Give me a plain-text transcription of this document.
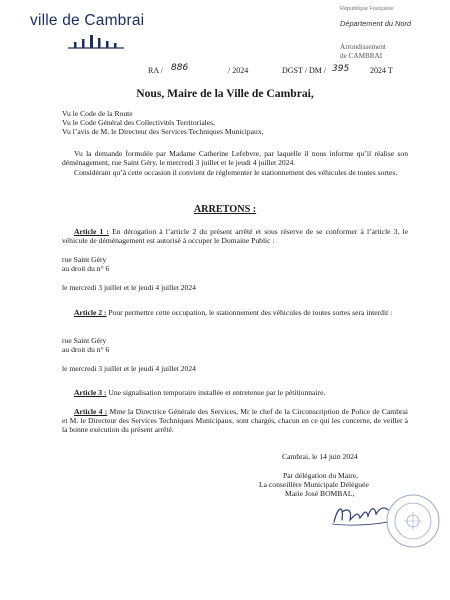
ville de Cambrai
République Française
Département du Nord
Arrondissement
de CAMBRAI
RA / 886	/ 2024	DGST / DM / 395	2024 T
Nous, Maire de la Ville de Cambrai,
Vu le Code de la Route
Vu le Code Général des Collectivités Territoriales,
Vu l’avis de M. le Directeur des Services Techniques Municipaux,
Vu la demande formulée par Madame Catherine Lefebvre, par laquelle il nous informe qu’il réalise son déménagement, rue Saint Géry, le mercredi 3 juillet et le jeudi 4 juillet 2024.
Considérant qu’à cette occasion il convient de réglementer le stationnement des véhicules de toutes sortes.
ARRETONS :
Article 1 : En dérogation à l’article 2 du présent arrêté et sous réserve de se conformer à l’article 3, le véhicule de déménagement est autorisé à occuper le Domaine Public :
rue Saint Géry
au droit du n° 6
le mercredi 3 juillet et le jeudi 4 juillet 2024
Article 2 : Pour permettre cette occupation, le stationnement des véhicules de toutes sortes sera interdit :
rue Saint Géry
au droit du n° 6
le mercredi 3 juillet et le jeudi 4 juillet 2024
Article 3 : Une signalisation temporaire installée et entretenue par le pétitionnaire.
Article 4 : Mme la Directrice Générale des Services, Mr le chef de la Circonscription de Police de Cambrai et M. le Directeur des Services Techniques Municipaux, sont chargés, chacun en ce qui les concerne, de veiller à la bonne exécution du présent arrêté.
Cambrai, le 14 juin 2024
Par délégation du Maire,
La conseillère Municipale Déléguée
Marie José BOMBAL,
